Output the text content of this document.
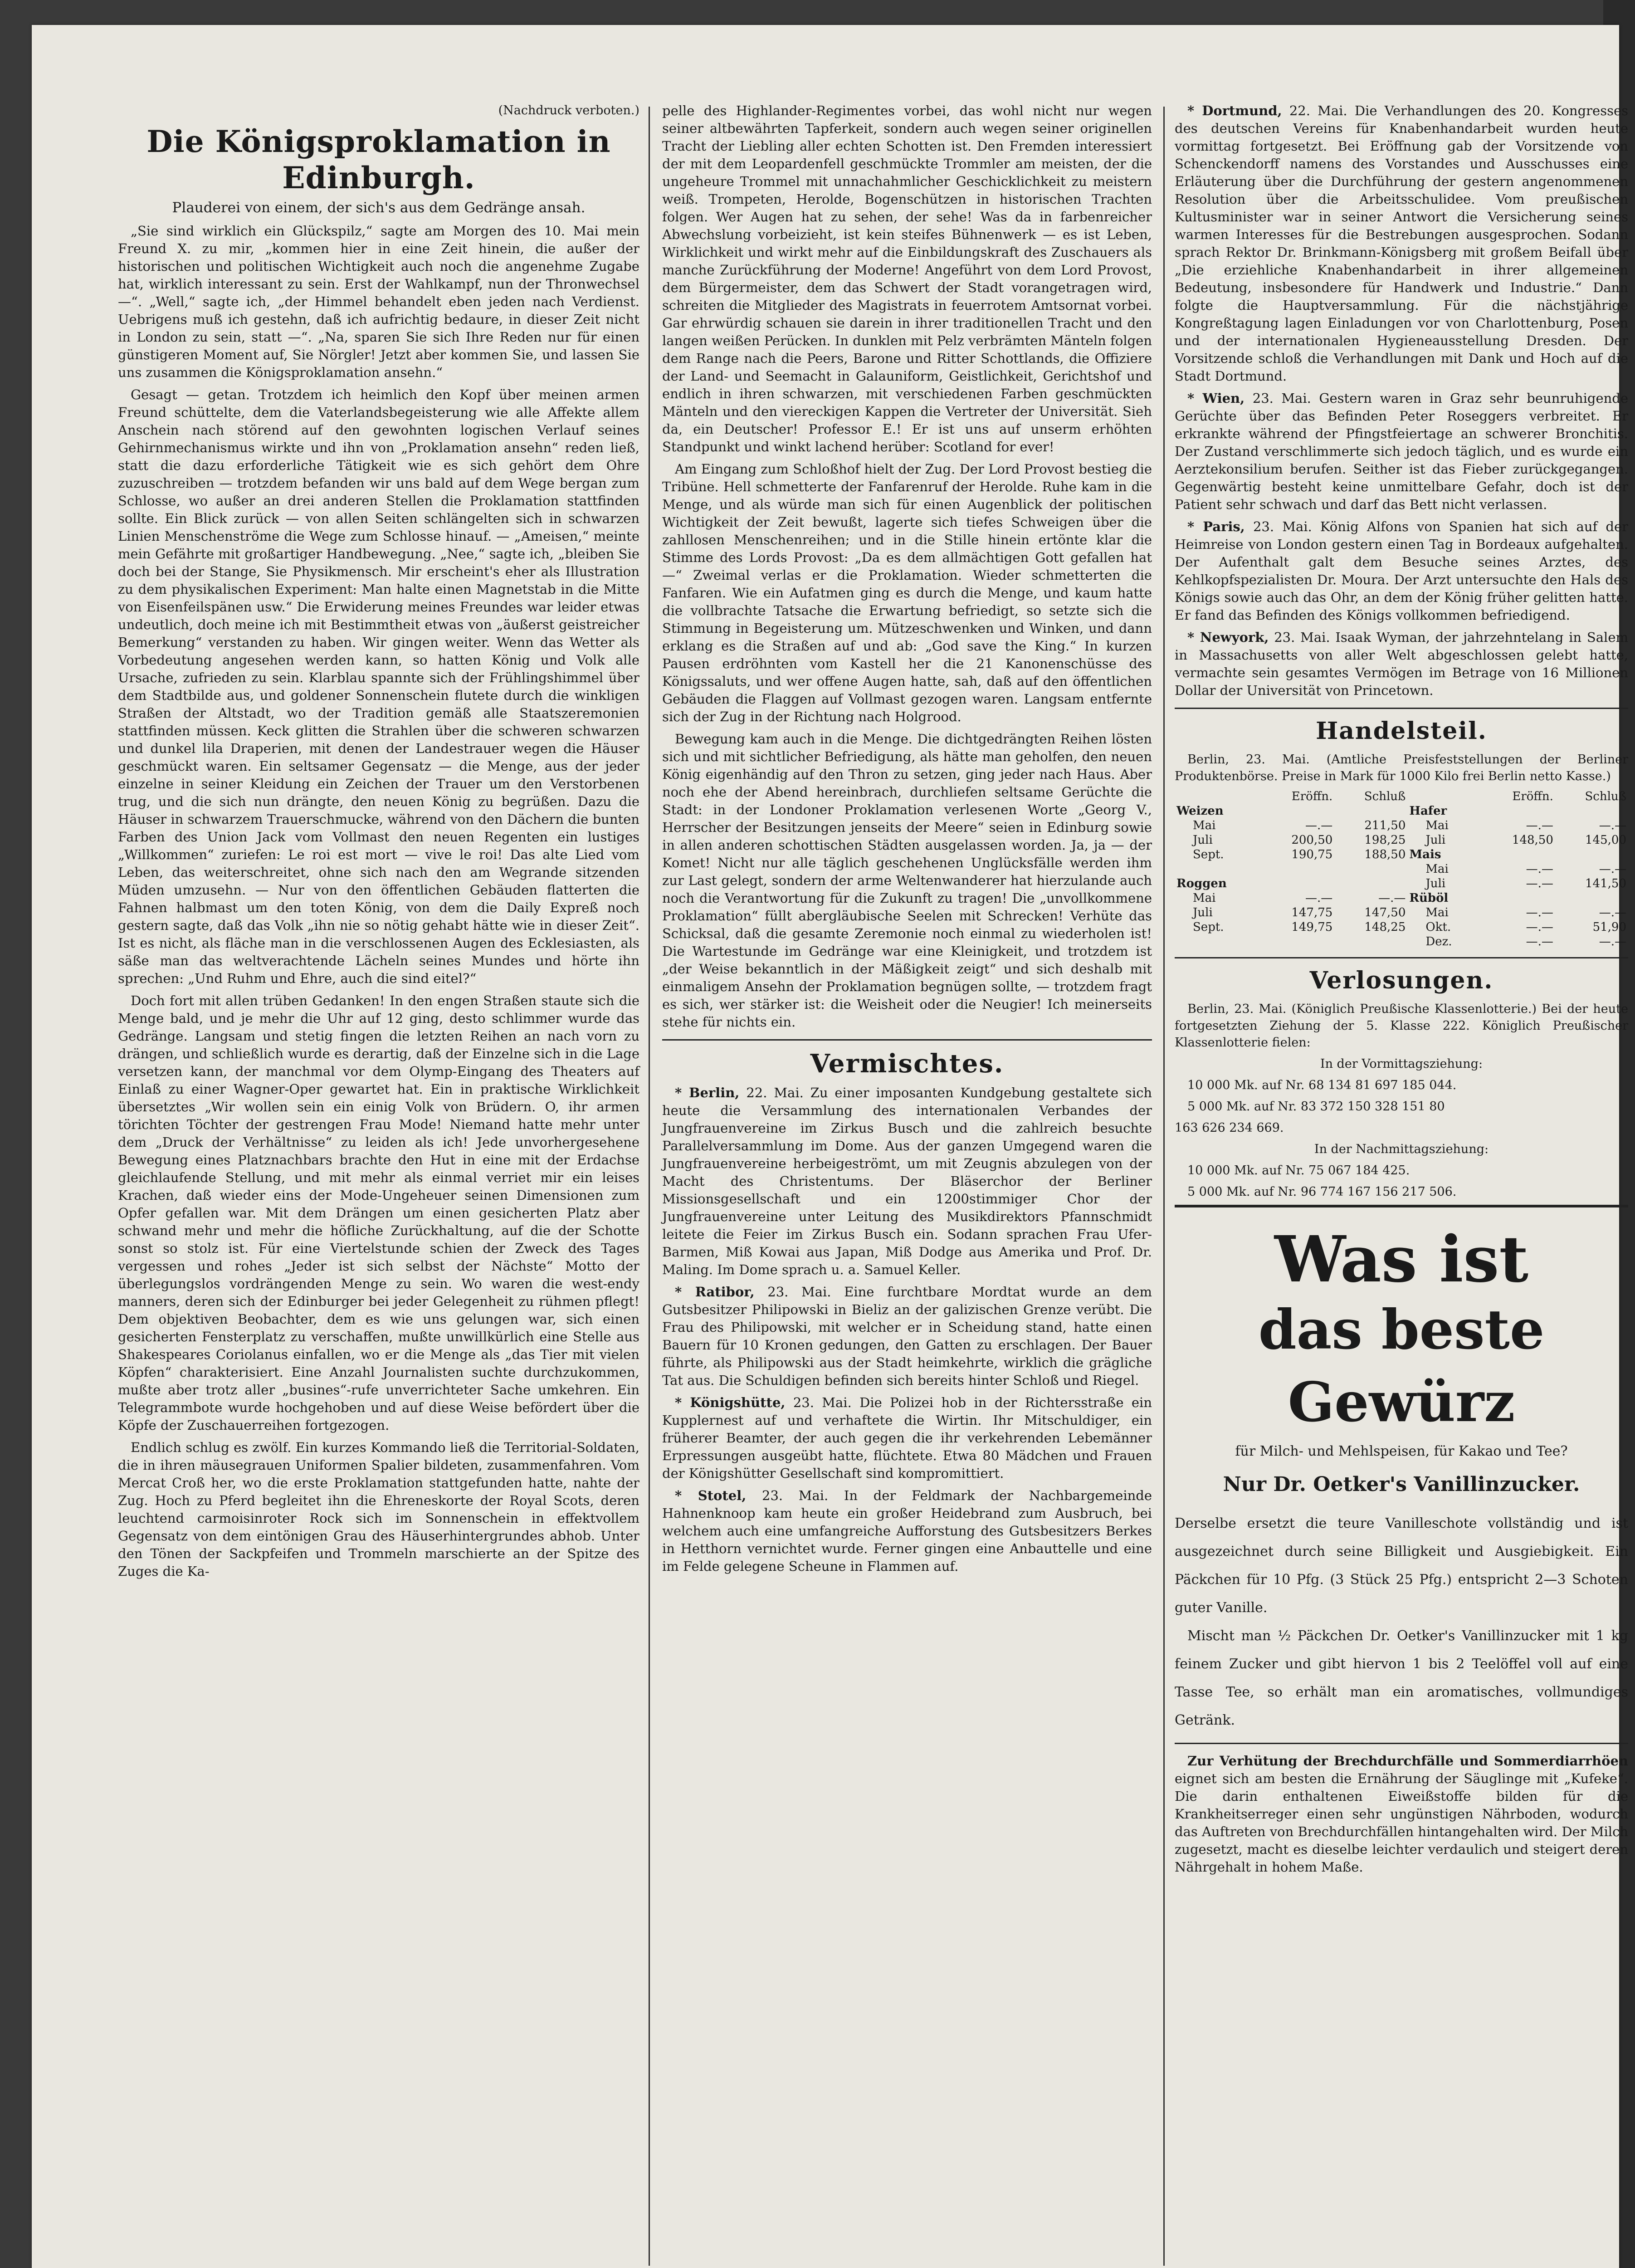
(Nachdruck verboten.)
Die Königsproklamation in Edinburgh.
Plauderei von einem, der sich's aus dem Gedränge ansah.

„Sie sind wirklich ein Glückspilz,“ sagte am Morgen des 10. Mai mein Freund X. zu mir, „kommen hier in eine Zeit hinein, die außer der historischen und politischen Wichtigkeit auch noch die angenehme Zugabe hat, wirklich interessant zu sein. Erst der Wahlkampf, nun der Thronwechsel —“. „Well,“ sagte ich, „der Himmel behandelt eben jeden nach Verdienst. Uebrigens muß ich gestehn, daß ich aufrichtig bedaure, in dieser Zeit nicht in London zu sein, statt —“. „Na, sparen Sie sich Ihre Reden nur für einen günstigeren Moment auf, Sie Nörgler! Jetzt aber kommen Sie, und lassen Sie uns zusammen die Königsproklamation ansehn.“

Gesagt — getan. Trotzdem ich heimlich den Kopf über meinen armen Freund schüttelte, dem die Vaterlandsbegeisterung wie alle Affekte allem Anschein nach störend auf den gewohnten logischen Verlauf seines Gehirnmechanismus wirkte und ihn von „Proklamation ansehn“ reden ließ, statt die dazu erforderliche Tätigkeit wie es sich gehört dem Ohre zuzuschreiben — trotzdem befanden wir uns bald auf dem Wege bergan zum Schlosse, wo außer an drei anderen Stellen die Proklamation stattfinden sollte. Ein Blick zurück — von allen Seiten schlängelten sich in schwarzen Linien Menschenströme die Wege zum Schlosse hinauf. — „Ameisen,“ meinte mein Gefährte mit großartiger Handbewegung. „Nee,“ sagte ich, „bleiben Sie doch bei der Stange, Sie Physikmensch. Mir erscheint's eher als Illustration zu dem physikalischen Experiment: Man halte einen Magnetstab in die Mitte von Eisenfeilspänen usw.“ Die Erwiderung meines Freundes war leider etwas undeutlich, doch meine ich mit Bestimmtheit etwas von „äußerst geistreicher Bemerkung“ verstanden zu haben. Wir gingen weiter. Wenn das Wetter als Vorbedeutung angesehen werden kann, so hatten König und Volk alle Ursache, zufrieden zu sein. Klarblau spannte sich der Frühlingshimmel über dem Stadtbilde aus, und goldener Sonnenschein flutete durch die winkligen Straßen der Altstadt, wo der Tradition gemäß alle Staatszeremonien stattfinden müssen. Keck glitten die Strahlen über die schweren schwarzen und dunkel lila Draperien, mit denen der Landestrauer wegen die Häuser geschmückt waren. Ein seltsamer Gegensatz — die Menge, aus der jeder einzelne in seiner Kleidung ein Zeichen der Trauer um den Verstorbenen trug, und die sich nun drängte, den neuen König zu begrüßen. Dazu die Häuser in schwarzem Trauerschmucke, während von den Dächern die bunten Farben des Union Jack vom Vollmast den neuen Regenten ein lustiges „Willkommen“ zuriefen: Le roi est mort — vive le roi! Das alte Lied vom Leben, das weiterschreitet, ohne sich nach den am Wegrande sitzenden Müden umzusehn. — Nur von den öffentlichen Gebäuden flatterten die Fahnen halbmast um den toten König, von dem die Daily Expreß noch gestern sagte, daß das Volk „ihn nie so nötig gehabt hätte wie in dieser Zeit“. Ist es nicht, als fläche man in die verschlossenen Augen des Ecklesiasten, als säße man das weltverachtende Lächeln seines Mundes und hörte ihn sprechen: „Und Ruhm und Ehre, auch die sind eitel?“

Doch fort mit allen trüben Gedanken! In den engen Straßen staute sich die Menge bald, und je mehr die Uhr auf 12 ging, desto schlimmer wurde das Gedränge. Langsam und stetig fingen die letzten Reihen an nach vorn zu drängen, und schließlich wurde es derartig, daß der Einzelne sich in die Lage versetzen kann, der manchmal vor dem Olymp-Eingang des Theaters auf Einlaß zu einer Wagner-Oper gewartet hat. Ein in praktische Wirklichkeit übersetztes „Wir wollen sein ein einig Volk von Brüdern. O, ihr armen törichten Töchter der gestrengen Frau Mode! Niemand hatte mehr unter dem „Druck der Verhältnisse“ zu leiden als ich! Jede unvorhergesehene Bewegung eines Platznachbars brachte den Hut in eine mit der Erdachse gleichlaufende Stellung, und mit mehr als einmal verriet mir ein leises Krachen, daß wieder eins der Mode-Ungeheuer seinen Dimensionen zum Opfer gefallen war. Mit dem Drängen um einen gesicherten Platz aber schwand mehr und mehr die höfliche Zurückhaltung, auf die der Schotte sonst so stolz ist. Für eine Viertelstunde schien der Zweck des Tages vergessen und rohes „Jeder ist sich selbst der Nächste“ Motto der überlegungslos vordrängenden Menge zu sein. Wo waren die west-endy manners, deren sich der Edinburger bei jeder Gelegenheit zu rühmen pflegt! Dem objektiven Beobachter, dem es wie uns gelungen war, sich einen gesicherten Fensterplatz zu verschaffen, mußte unwillkürlich eine Stelle aus Shakespeares Coriolanus einfallen, wo er die Menge als „das Tier mit vielen Köpfen“ charakterisiert. Eine Anzahl Journalisten suchte durchzukommen, mußte aber trotz aller „busines“-rufe unverrichteter Sache umkehren. Ein Telegrammbote wurde hochgehoben und auf diese Weise befördert über die Köpfe der Zuschauerreihen fortgezogen.

Endlich schlug es zwölf. Ein kurzes Kommando ließ die Territorial-Soldaten, die in ihren mäusegrauen Uniformen Spalier bildeten, zusammenfahren. Vom Mercat Croß her, wo die erste Proklamation stattgefunden hatte, nahte der Zug. Hoch zu Pferd begleitet ihn die Ehreneskorte der Royal Scots, deren leuchtend carmoisinroter Rock sich im Sonnenschein in effektvollem Gegensatz von dem eintönigen Grau des Häuserhintergrundes abhob. Unter den Tönen der Sackpfeifen und Trommeln marschierte an der Spitze des Zuges die Ka-

pelle des Highlander-Regimentes vorbei, das wohl nicht nur wegen seiner altbewährten Tapferkeit, sondern auch wegen seiner originellen Tracht der Liebling aller echten Schotten ist. Den Fremden interessiert der mit dem Leopardenfell geschmückte Trommler am meisten, der die ungeheure Trommel mit unnachahmlicher Geschicklichkeit zu meistern weiß. Trompeten, Herolde, Bogenschützen in historischen Trachten folgen. Wer Augen hat zu sehen, der sehe! Was da in farbenreicher Abwechslung vorbeizieht, ist kein steifes Bühnenwerk — es ist Leben, Wirklichkeit und wirkt mehr auf die Einbildungskraft des Zuschauers als manche Zurückführung der Moderne! Angeführt von dem Lord Provost, dem Bürgermeister, dem das Schwert der Stadt vorangetragen wird, schreiten die Mitglieder des Magistrats in feuerrotem Amtsornat vorbei. Gar ehrwürdig schauen sie darein in ihrer traditionellen Tracht und den langen weißen Perücken. In dunklen mit Pelz verbrämten Mänteln folgen dem Range nach die Peers, Barone und Ritter Schottlands, die Offiziere der Land- und Seemacht in Galauniform, Geistlichkeit, Gerichtshof und endlich in ihren schwarzen, mit verschiedenen Farben geschmückten Mänteln und den viereckigen Kappen die Vertreter der Universität. Sieh da, ein Deutscher! Professor E.! Er ist uns auf unserm erhöhten Standpunkt und winkt lachend herüber: Scotland for ever!

Am Eingang zum Schloßhof hielt der Zug. Der Lord Provost bestieg die Tribüne. Hell schmetterte der Fanfarenruf der Herolde. Ruhe kam in die Menge, und als würde man sich für einen Augenblick der politischen Wichtigkeit der Zeit bewußt, lagerte sich tiefes Schweigen über die zahllosen Menschenreihen; und in die Stille hinein ertönte klar die Stimme des Lords Provost: „Da es dem allmächtigen Gott gefallen hat —“ Zweimal verlas er die Proklamation. Wieder schmetterten die Fanfaren. Wie ein Aufatmen ging es durch die Menge, und kaum hatte die vollbrachte Tatsache die Erwartung befriedigt, so setzte sich die Stimmung in Begeisterung um. Mützeschwenken und Winken, und dann erklang es die Straßen auf und ab: „God save the King.“ In kurzen Pausen erdröhnten vom Kastell her die 21 Kanonenschüsse des Königssaluts, und wer offene Augen hatte, sah, daß auf den öffentlichen Gebäuden die Flaggen auf Vollmast gezogen waren. Langsam entfernte sich der Zug in der Richtung nach Holgrood.

Bewegung kam auch in die Menge. Die dichtgedrängten Reihen lösten sich und mit sichtlicher Befriedigung, als hätte man geholfen, den neuen König eigenhändig auf den Thron zu setzen, ging jeder nach Haus. Aber noch ehe der Abend hereinbrach, durchliefen seltsame Gerüchte die Stadt: in der Londoner Proklamation verlesenen Worte „Georg V., Herrscher der Besitzungen jenseits der Meere“ seien in Edinburg sowie in allen anderen schottischen Städten ausgelassen worden. Ja, ja — der Komet! Nicht nur alle täglich geschehenen Unglücksfälle werden ihm zur Last gelegt, sondern der arme Weltenwanderer hat hierzulande auch noch die Verantwortung für die Zukunft zu tragen! Die „unvollkommene Proklamation“ füllt abergläubische Seelen mit Schrecken! Verhüte das Schicksal, daß die gesamte Zeremonie noch einmal zu wiederholen ist! Die Wartestunde im Gedränge war eine Kleinigkeit, und trotzdem ist „der Weise bekanntlich in der Mäßigkeit zeigt“ und sich deshalb mit einmaligem Ansehn der Proklamation begnügen sollte, — trotzdem fragt es sich, wer stärker ist: die Weisheit oder die Neugier! Ich meinerseits stehe für nichts ein.

Vermischtes.

* Berlin, 22. Mai. Zu einer imposanten Kundgebung gestaltete sich heute die Versammlung des internationalen Verbandes der Jungfrauenvereine im Zirkus Busch und die zahlreich besuchte Parallelversammlung im Dome. Aus der ganzen Umgegend waren die Jungfrauenvereine herbeigeströmt, um mit Zeugnis abzulegen von der Macht des Christentums. Der Bläserchor der Berliner Missionsgesellschaft und ein 1200stimmiger Chor der Jungfrauenvereine unter Leitung des Musikdirektors Pfannschmidt leitete die Feier im Zirkus Busch ein. Sodann sprachen Frau Ufer-Barmen, Miß Kowai aus Japan, Miß Dodge aus Amerika und Prof. Dr. Maling. Im Dome sprach u. a. Samuel Keller.

* Ratibor, 23. Mai. Eine furchtbare Mordtat wurde an dem Gutsbesitzer Philipowski in Bieliz an der galizischen Grenze verübt. Die Frau des Philipowski, mit welcher er in Scheidung stand, hatte einen Bauern für 10 Kronen gedungen, den Gatten zu erschlagen. Der Bauer führte, als Philipowski aus der Stadt heimkehrte, wirklich die grägliche Tat aus. Die Schuldigen befinden sich bereits hinter Schloß und Riegel.

* Königshütte, 23. Mai. Die Polizei hob in der Richtersstraße ein Kupplernest auf und verhaftete die Wirtin. Ihr Mitschuldiger, ein früherer Beamter, der auch gegen die ihr verkehrenden Lebemänner Erpressungen ausgeübt hatte, flüchtete. Etwa 80 Mädchen und Frauen der Königshütter Gesellschaft sind kompromittiert.

* Stotel, 23. Mai. In der Feldmark der Nachbargemeinde Hahnenknoop kam heute ein großer Heidebrand zum Ausbruch, bei welchem auch eine umfangreiche Aufforstung des Gutsbesitzers Berkes in Hetthorn vernichtet wurde. Ferner gingen eine Anbauttelle und eine im Felde gelegene Scheune in Flammen auf.

* Dortmund, 22. Mai. Die Verhandlungen des 20. Kongresses des deutschen Vereins für Knabenhandarbeit wurden heute vormittag fortgesetzt. Bei Eröffnung gab der Vorsitzende von Schenckendorff namens des Vorstandes und Ausschusses eine Erläuterung über die Durchführung der gestern angenommenen Resolution über die Arbeitsschulidee. Vom preußischen Kultusminister war in seiner Antwort die Versicherung seines warmen Interesses für die Bestrebungen ausgesprochen. Sodann sprach Rektor Dr. Brinkmann-Königsberg mit großem Beifall über „Die erziehliche Knabenhandarbeit in ihrer allgemeinen Bedeutung, insbesondere für Handwerk und Industrie.“ Dann folgte die Hauptversammlung. Für die nächstjährige Kongreßtagung lagen Einladungen vor von Charlottenburg, Posen und der internationalen Hygieneausstellung Dresden. Der Vorsitzende schloß die Verhandlungen mit Dank und Hoch auf die Stadt Dortmund.

* Wien, 23. Mai. Gestern waren in Graz sehr beunruhigende Gerüchte über das Befinden Peter Roseggers verbreitet. Er erkrankte während der Pfingstfeiertage an schwerer Bronchitis. Der Zustand verschlimmerte sich jedoch täglich, und es wurde ein Aerztekonsilium berufen. Seither ist das Fieber zurückgegangen. Gegenwärtig besteht keine unmittelbare Gefahr, doch ist der Patient sehr schwach und darf das Bett nicht verlassen.

* Paris, 23. Mai. König Alfons von Spanien hat sich auf der Heimreise von London gestern einen Tag in Bordeaux aufgehalten. Der Aufenthalt galt dem Besuche seines Arztes, des Kehlkopfspezialisten Dr. Moura. Der Arzt untersuchte den Hals des Königs sowie auch das Ohr, an dem der König früher gelitten hatte. Er fand das Befinden des Königs vollkommen befriedigend.

* Newyork, 23. Mai. Isaak Wyman, der jahrzehntelang in Salem in Massachusetts von aller Welt abgeschlossen gelebt hatte, vermachte sein gesamtes Vermögen im Betrage von 16 Millionen Dollar der Universität von Princetown.

Handelsteil.

Berlin, 23. Mai. (Amtliche Preisfeststellungen der Berliner Produktenbörse. Preise in Mark für 1000 Kilo frei Berlin netto Kasse.)

	Eröffn.	Schluß		Eröffn.	Schluß
Weizen			Hafer		
Mai	—.—	211,50	Mai	—.—	—.—
Juli	200,50	198,25	Juli	148,50	145,00
Sept.	190,75	188,50	Mais		
			Mai	—.—	—.—
Roggen			Juli	—.—	141,50
Mai	—.—	—.—	Rüböl		
Juli	147,75	147,50	Mai	—.—	—.—
Sept.	149,75	148,25	Okt.	—.—	51,90
			Dez.	—.—	—.—
Verlosungen.

Berlin, 23. Mai. (Königlich Preußische Klassenlotterie.) Bei der heute fortgesetzten Ziehung der 5. Klasse 222. Königlich Preußischer Klassenlotterie fielen:

In der Vormittagsziehung:
10 000 Mk. auf Nr. 68 134 81 697 185 044.
5 000 Mk. auf Nr. 83 372 150 328 151 80
163 626 234 669.
In der Nachmittagsziehung:
10 000 Mk. auf Nr. 75 067 184 425.
5 000 Mk. auf Nr. 96 774 167 156 217 506.
Was ist
das beste Gewürz
für Milch- und Mehlspeisen, für Kakao und Tee?
Nur Dr. Oetker's Vanillinzucker.

Derselbe ersetzt die teure Vanilleschote vollständig und ist ausgezeichnet durch seine Billigkeit und Ausgiebigkeit. Ein Päckchen für 10 Pfg. (3 Stück 25 Pfg.) entspricht 2—3 Schoten guter Vanille.

Mischt man ½ Päckchen Dr. Oetker's Vanillinzucker mit 1 kg feinem Zucker und gibt hiervon 1 bis 2 Teelöffel voll auf eine Tasse Tee, so erhält man ein aromatisches, vollmundiges Getränk.

Zur Verhütung der Brechdurchfälle und Sommerdiarrhöen eignet sich am besten die Ernährung der Säuglinge mit „Kufeke“. Die darin enthaltenen Eiweißstoffe bilden für die Krankheitserreger einen sehr ungünstigen Nährboden, wodurch das Auftreten von Brechdurchfällen hintangehalten wird. Der Milch zugesetzt, macht es dieselbe leichter verdaulich und steigert deren Nährgehalt in hohem Maße.
